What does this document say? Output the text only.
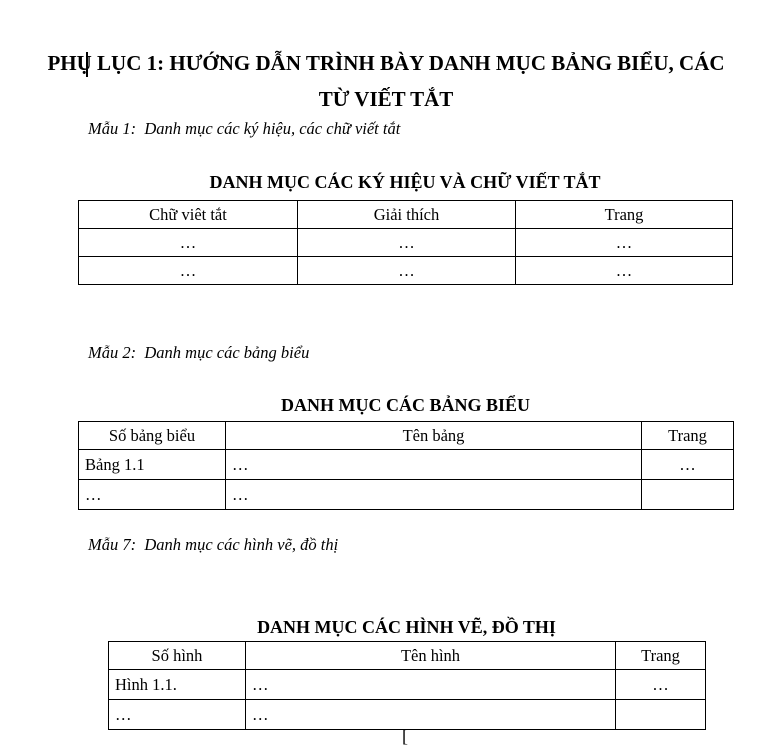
PHỤ LỤC 1: HƯỚNG DẪN TRÌNH BÀY DANH MỤC BẢNG BIỂU, CÁC
TỪ VIẾT TẮT
Mẫu 1:  Danh mục các ký hiệu, các chữ viết tắt
DANH MỤC CÁC KÝ HIỆU VÀ CHỮ VIẾT TẮT
Chữ viêt tắt	Giải thích	Trang
…	…	…
…	…	…
Mẫu 2:  Danh mục các bảng biểu
DANH MỤC CÁC BẢNG BIỂU
Số bảng biểu	Tên bảng	Trang
Bảng 1.1	…	…
…	…	
Mẫu 7:  Danh mục các hình vẽ, đồ thị
DANH MỤC CÁC HÌNH VẼ, ĐỒ THỊ
Số hình	Tên hình	Trang
Hình 1.1.	…	…
…	…	
[
